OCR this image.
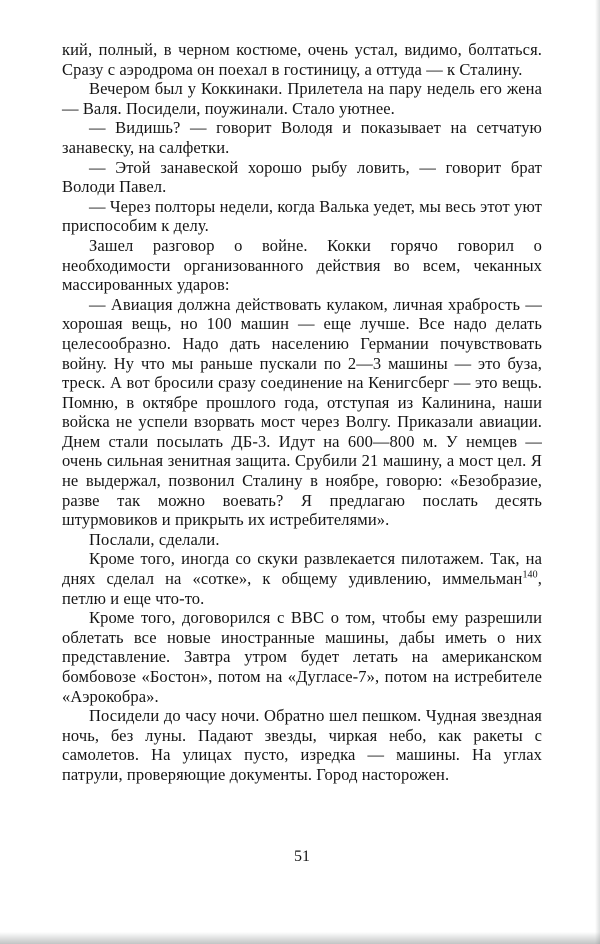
кий, полный, в черном костюме, очень устал, видимо, болтаться. Сразу с аэродрома он поехал в гостиницу, а оттуда — к Сталину.

Вечером был у Коккинаки. Прилетела на пару недель его жена — Валя. Посидели, поужинали. Стало уютнее.

— Видишь? — говорит Володя и показывает на сетчатую занавеску, на салфетки.

— Этой занавеской хорошо рыбу ловить, — говорит брат Володи Павел.

— Через полторы недели, когда Валька уедет, мы весь этот уют приспособим к делу.

Зашел разговор о войне. Кокки горячо говорил о необходимости организованного действия во всем, чеканных массированных ударов:

— Авиация должна действовать кулаком, личная храбрость — хорошая вещь, но 100 машин — еще лучше. Все надо делать целесообразно. Надо дать населению Германии почувствовать войну. Ну что мы раньше пускали по 2—3 машины — это буза, треск. А вот бросили сразу соединение на Кенигсберг — это вещь. Помню, в октябре прошлого года, отступая из Калинина, наши войска не успели взорвать мост через Волгу. Приказали авиации. Днем стали посылать ДБ-3. Идут на 600—800 м. У немцев — очень сильная зенитная защита. Срубили 21 машину, а мост цел. Я не выдержал, позвонил Сталину в ноябре, говорю: «Безобразие, разве так можно воевать? Я предлагаю послать десять штурмовиков и прикрыть их истребителями».

Послали, сделали.

Кроме того, иногда со скуки развлекается пилотажем. Так, на днях сделал на «сотке», к общему удивлению, иммельман$^{140}$, петлю и еще что-то.

Кроме того, договорился с ВВС о том, чтобы ему разрешили облетать все новые иностранные машины, дабы иметь о них представление. Завтра утром будет летать на американском бомбовозе «Бостон», потом на «Дугласе-7», потом на истребителе «Аэрокобра».

Посидели до часу ночи. Обратно шел пешком. Чудная звездная ночь, без луны. Падают звезды, чиркая небо, как ракеты с самолетов. На улицах пусто, изредка — машины. На углах патрули, проверяющие документы. Город насторожен.

51
